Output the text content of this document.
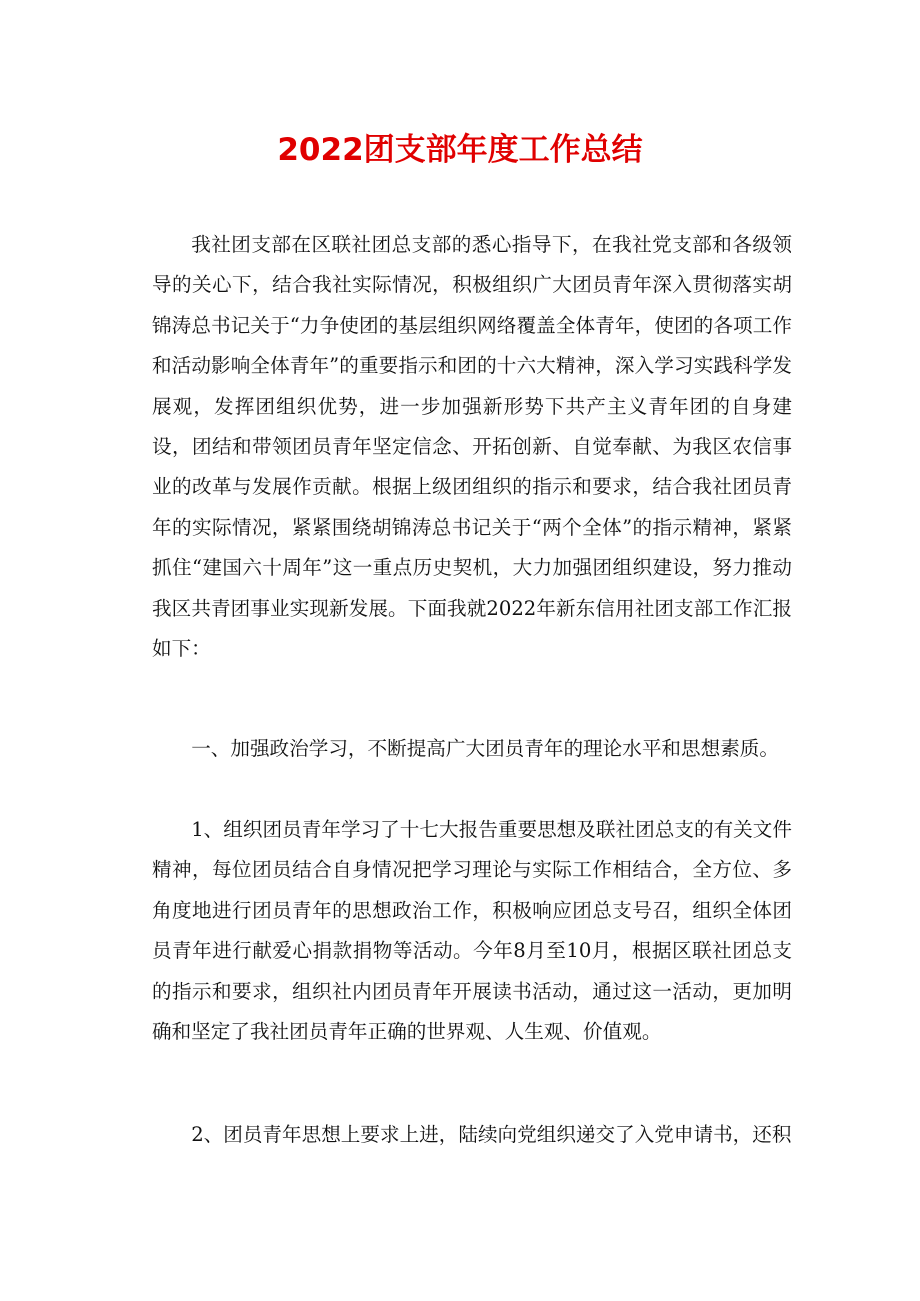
2022团支部年度工作总结

我社团支部在区联社团总支部的悉心指导下，在我社党支部和各级领导的关心下，结合我社实际情况，积极组织广大团员青年深入贯彻落实胡锦涛总书记关于“力争使团的基层组织网络覆盖全体青年，使团的各项工作和活动影响全体青年”的重要指示和团的十六大精神，深入学习实践科学发展观，发挥团组织优势，进一步加强新形势下共产主义青年团的自身建设，团结和带领团员青年坚定信念、开拓创新、自觉奉献、为我区农信事业的改革与发展作贡献。根据上级团组织的指示和要求，结合我社团员青年的实际情况，紧紧围绕胡锦涛总书记关于“两个全体”的指示精神，紧紧抓住“建国六十周年”这一重点历史契机，大力加强团组织建设，努力推动我区共青团事业实现新发展。下面我就2022年新东信用社团支部工作汇报如下：

一、加强政治学习，不断提高广大团员青年的理论水平和思想素质。

1、组织团员青年学习了十七大报告重要思想及联社团总支的有关文件精神，每位团员结合自身情况把学习理论与实际工作相结合，全方位、多角度地进行团员青年的思想政治工作，积极响应团总支号召，组织全体团员青年进行献爱心捐款捐物等活动。今年8月至10月，根据区联社团总支的指示和要求，组织社内团员青年开展读书活动，通过这一活动，更加明确和坚定了我社团员青年正确的世界观、人生观、价值观。

2、团员青年思想上要求上进，陆续向党组织递交了入党申请书，还积
